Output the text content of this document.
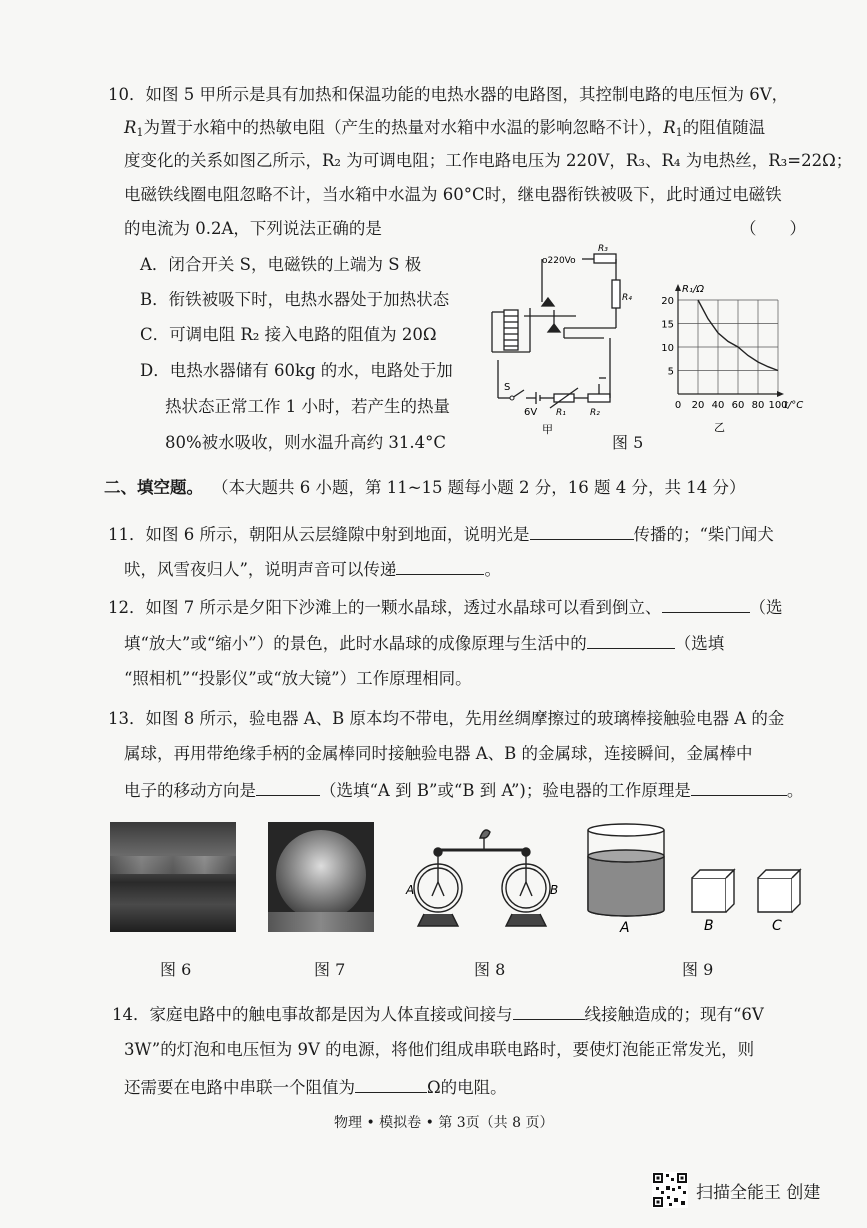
10．如图 5 甲所示是具有加热和保温功能的电热水器的电路图，其控制电路的电压恒为 6V，
$R_1$为置于水箱中的热敏电阻（产生的热量对水箱中水温的影响忽略不计），$R_1$的阻值随温
度变化的关系如图乙所示，R₂ 为可调电阻；工作电路电压为 220V，R₃、R₄ 为电热丝，R₃=22Ω；
电磁铁线圈电阻忽略不计，当水箱中水温为 60°C时，继电器衔铁被吸下，此时通过电磁铁
的电流为 0.2A，下列说法正确的是	（　　）
A．闭合开关 S，电磁铁的上端为 S 极
B．衔铁被吸下时，电热水器处于加热状态
C．可调电阻 R₂ 接入电路的阻值为 20Ω
D．电热水器储有 60kg 的水，电路处于加
热状态正常工作 1 小时，若产生的热量
80%被水吸收，则水温升高约 31.4°C
o220Vo
R₃
R₄
S
6V R₁	R₂
甲
R₁/Ω
t/°C
20
15
10
5
0 20 40 60 80 100
乙
图 5
二、填空题。 （本大题共 6 小题，第 11~15 题每小题 2 分，16 题 4 分，共 14 分）
11．如图 6 所示，朝阳从云层缝隙中射到地面，说明光是	传播的；“柴门闻犬
吠，风雪夜归人”，说明声音可以传递	。
12．如图 7 所示是夕阳下沙滩上的一颗水晶球，透过水晶球可以看到倒立、	（选
填“放大”或“缩小”）的景色，此时水晶球的成像原理与生活中的	（选填
“照相机”“投影仪”或“放大镜”）工作原理相同。
13．如图 8 所示，验电器 A、B 原本均不带电，先用丝绸摩擦过的玻璃棒接触验电器 A 的金
属球，再用带绝缘手柄的金属棒同时接触验电器 A、B 的金属球，连接瞬间，金属棒中
电子的移动方向是	（选填“A 到 B”或“B 到 A”)；验电器的工作原理是	。
图 6	图 7
A	B
图 8
A	B	C
图 9
14．家庭电路中的触电事故都是因为人体直接或间接与	线接触造成的；现有“6V
3W”的灯泡和电压恒为 9V 的电源，将他们组成串联电路时，要使灯泡能正常发光，则
还需要在电路中串联一个阻值为	Ω的电阻。
物理 • 模拟卷 • 第 3页（共 8 页）
扫描全能王 创建
